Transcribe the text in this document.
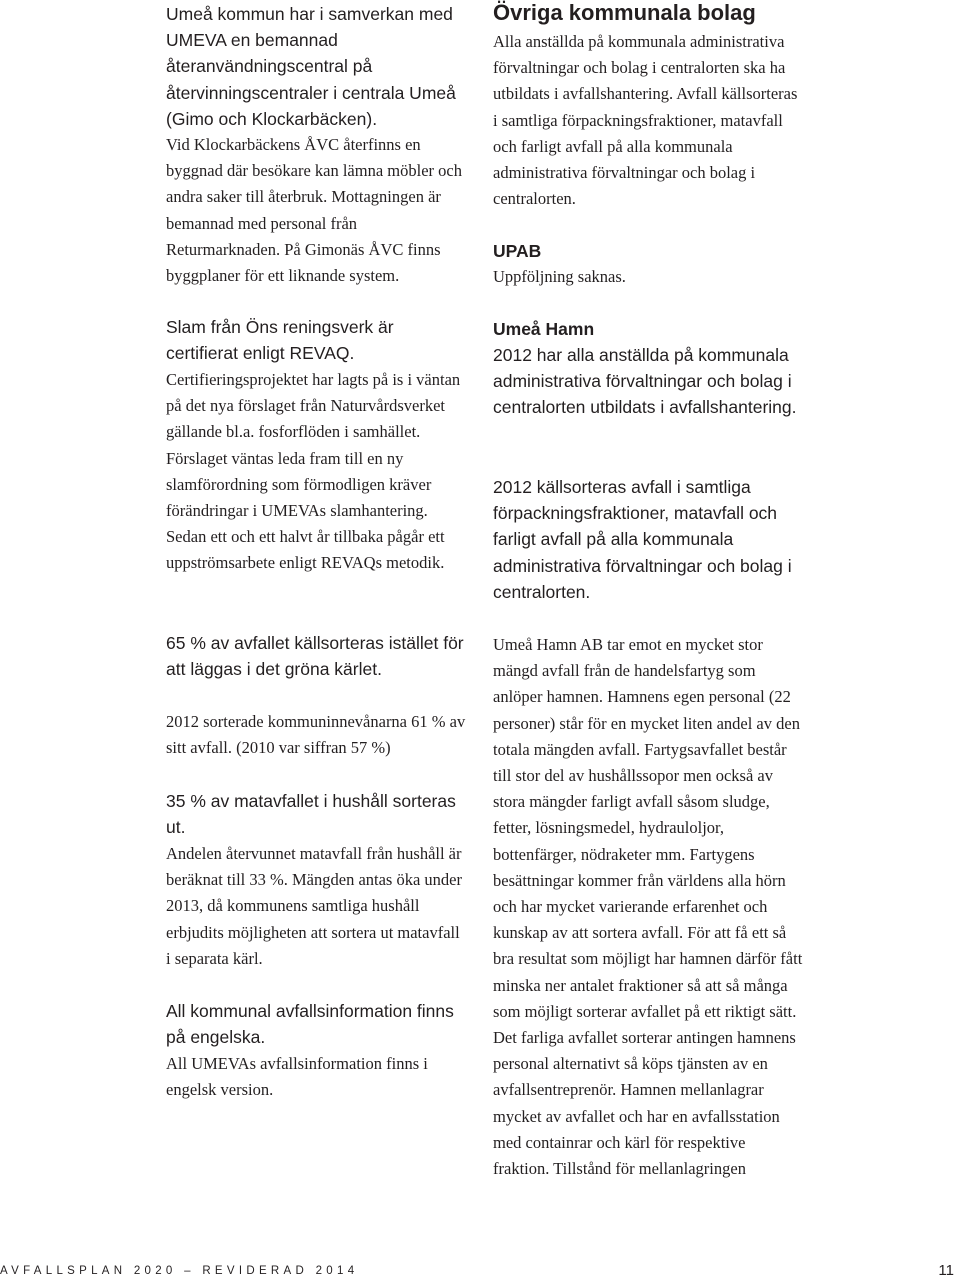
Umeå kommun har i samverkan med UMEVA en bemannad återanvändningscentral på återvinningscentraler i centrala Umeå (Gimo och Klockarbäcken).

Vid Klockarbäckens ÅVC återfinns en byggnad där besökare kan lämna möbler och andra saker till återbruk. Mottagningen är bemannad med personal från Returmarknaden. På Gimonäs ÅVC finns byggplaner för ett liknande system.

Slam från Öns reningsverk är certifierat enligt REVAQ.

Certifieringsprojektet har lagts på is i väntan på det nya förslaget från Naturvårdsverket gällande bl.a. fosforflöden i samhället. Förslaget väntas leda fram till en ny slamförordning som förmodligen kräver förändringar i UMEVAs slamhantering. Sedan ett och ett halvt år tillbaka pågår ett uppströmsarbete enligt REVAQs metodik.

65 % av avfallet källsorteras istället för att läggas i det gröna kärlet.

2012 sorterade kommuninnevånarna 61 % av sitt avfall. (2010 var siffran 57 %)

35 % av matavfallet i hushåll sorteras ut.

Andelen återvunnet matavfall från hushåll är beräknat till 33 %. Mängden antas öka under 2013, då kommunens samtliga hushåll erbjudits möjligheten att sortera ut matavfall i separata kärl.

All kommunal avfallsinformation finns på engelska.

All UMEVAs avfallsinformation finns i engelsk version.

Övriga kommunala bolag

Alla anställda på kommunala administrativa förvaltningar och bolag i centralorten ska ha utbildats i avfallshantering. Avfall källsorteras i samtliga förpackningsfraktioner, matavfall och farligt avfall på alla kommunala administrativa förvaltningar och bolag i centralorten.

UPAB

Uppföljning saknas.

Umeå Hamn

2012 har alla anställda på kommunala administrativa förvaltningar och bolag i centralorten utbildats i avfallshantering.

2012 källsorteras avfall i samtliga förpackningsfraktioner, matavfall och farligt avfall på alla kommunala administrativa förvaltningar och bolag i centralorten.

Umeå Hamn AB tar emot en mycket stor mängd avfall från de handelsfartyg som anlöper hamnen. Hamnens egen personal (22 personer) står för en mycket liten andel av den totala mängden avfall. Fartygsavfallet består till stor del av hushållssopor men också av stora mängder farligt avfall såsom sludge, fetter, lösningsmedel, hydrauloljor, bottenfärger, nödraketer mm. Fartygens besättningar kommer från världens alla hörn och har mycket varierande erfarenhet och kunskap av att sortera avfall. För att få ett så bra resultat som möjligt har hamnen därför fått minska ner antalet fraktioner så att så många som möjligt sorterar avfallet på ett riktigt sätt. Det farliga avfallet sorterar antingen hamnens personal alternativt så köps tjänsten av en avfallsentreprenör. Hamnen mellanlagrar mycket av avfallet och har en avfallsstation med containrar och kärl för respektive fraktion. Tillstånd för mellanlagringen

AVFALLSPLAN 2020 – REVIDERAD 2014	11
